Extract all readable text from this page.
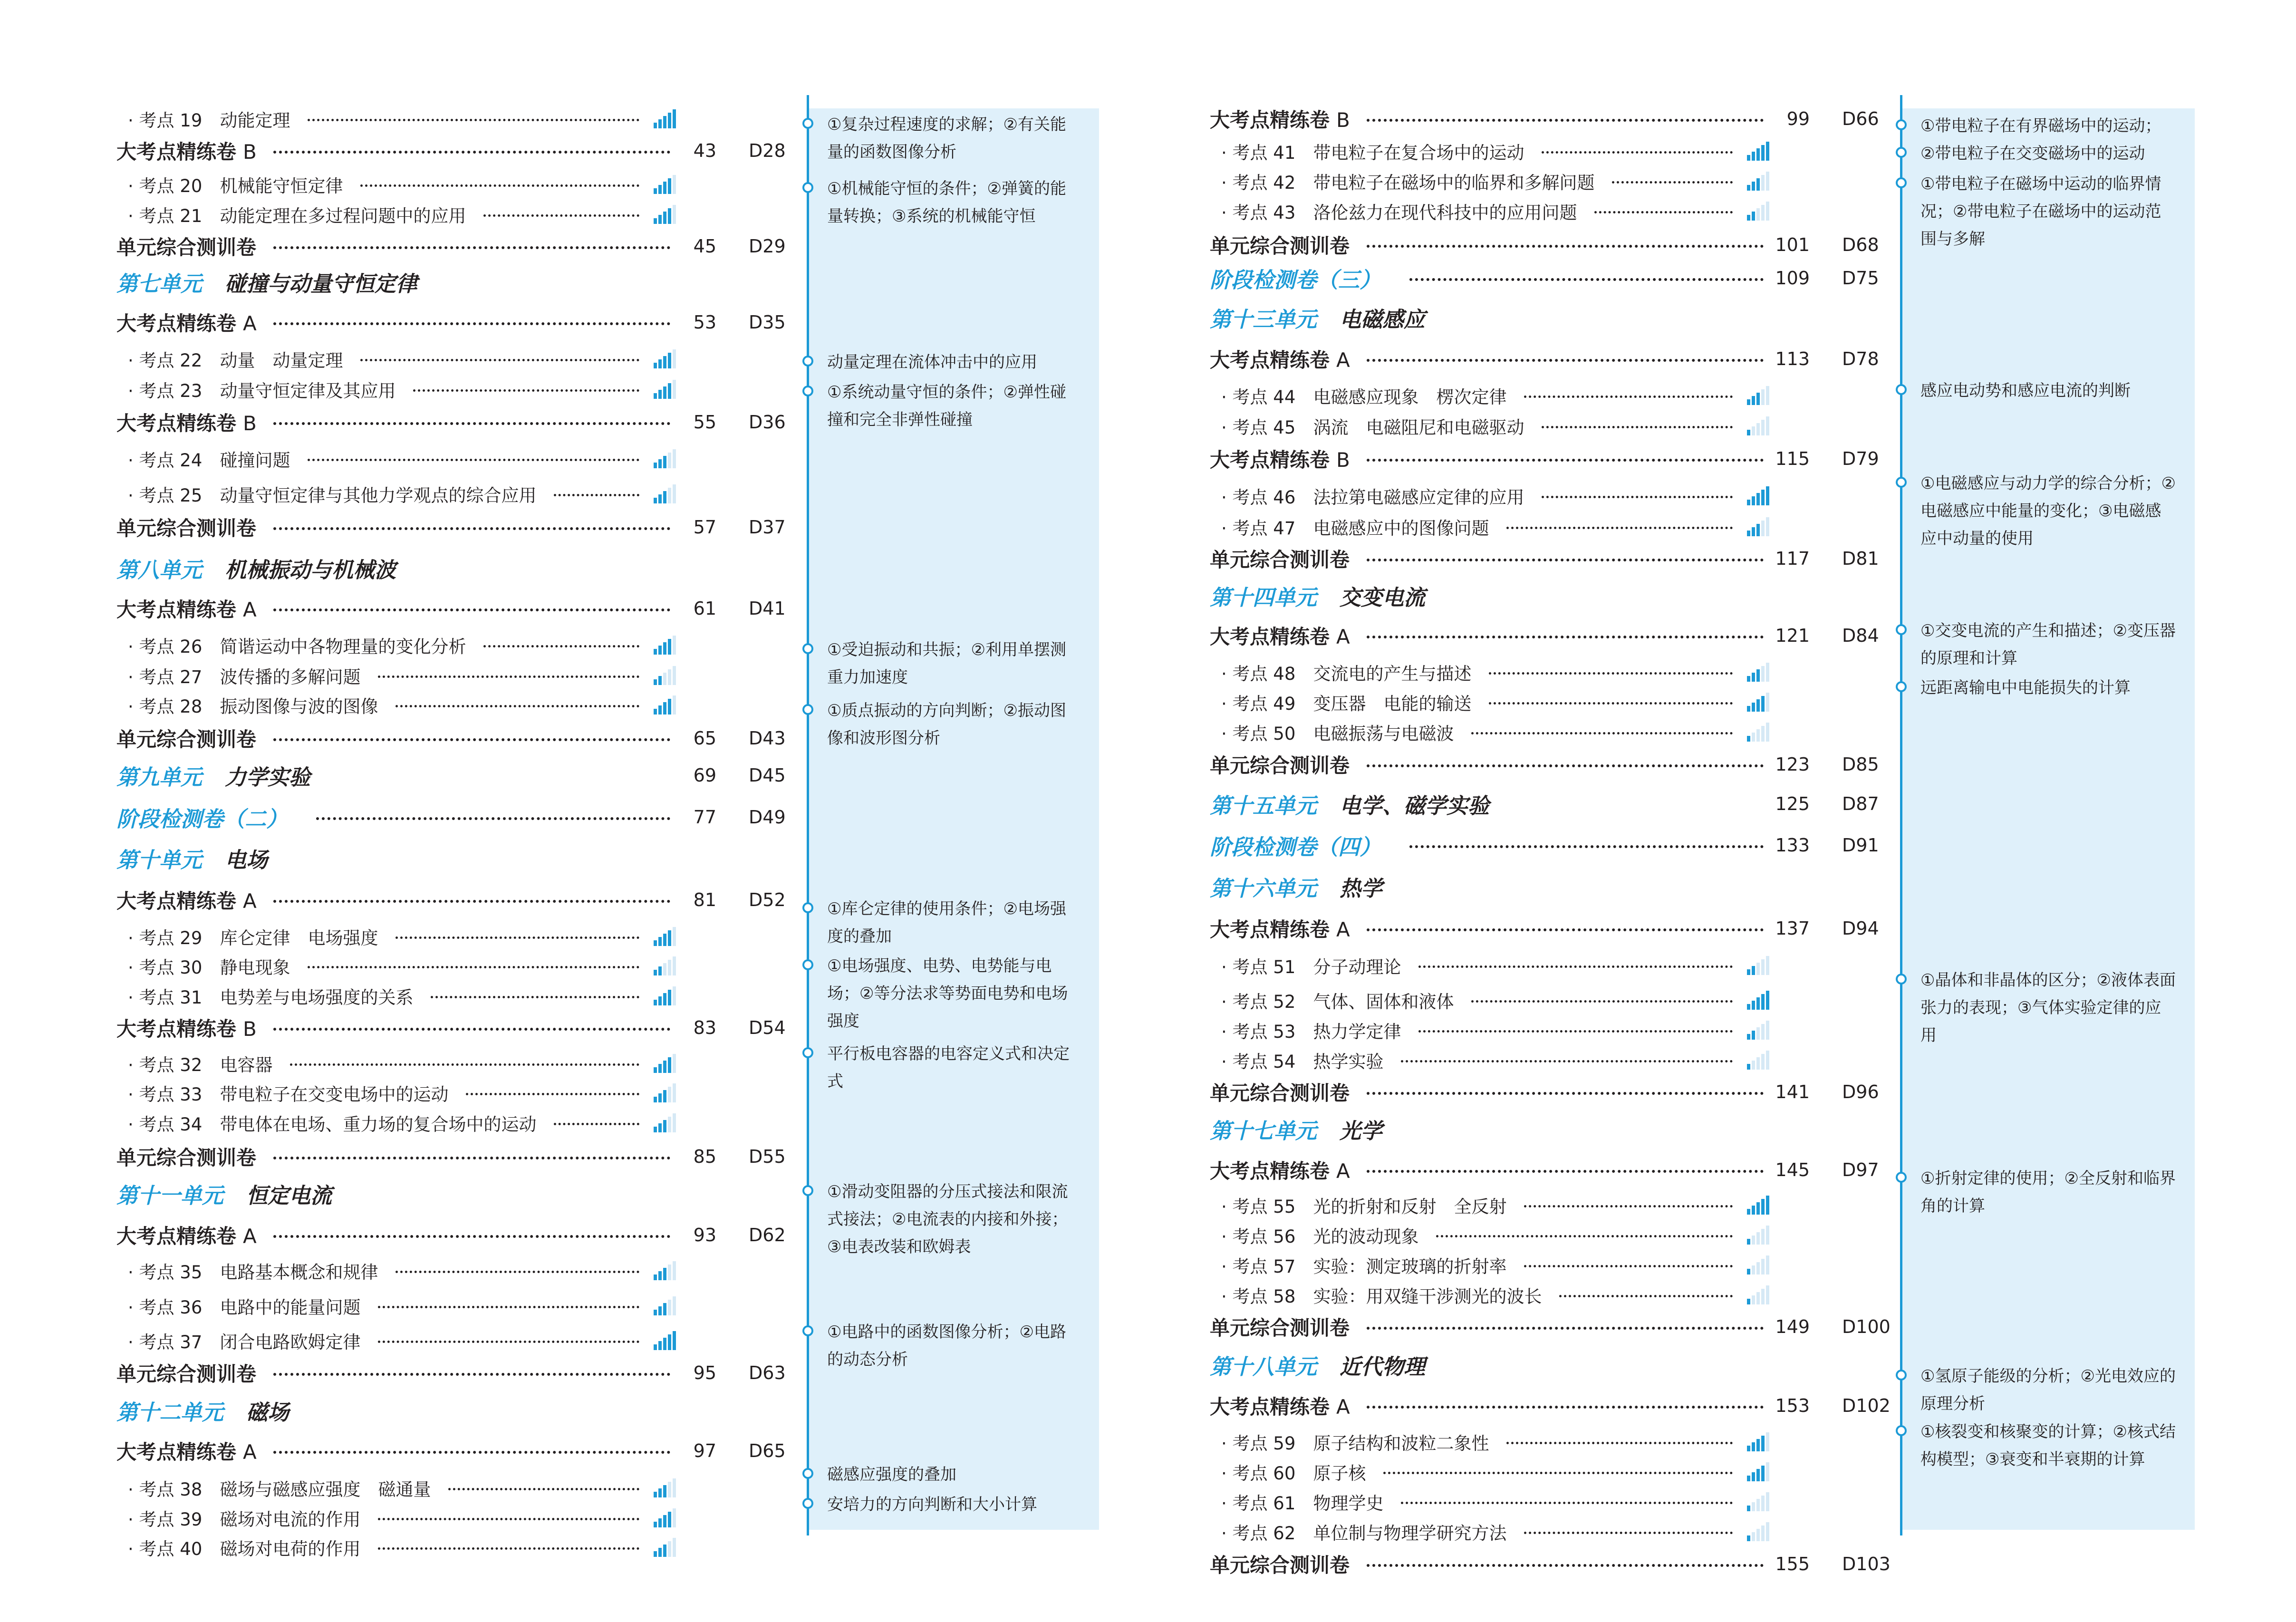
①复杂过程速度的求解；②有关能量的函数图像分析
①机械能守恒的条件；②弹簧的能量转换；③系统的机械能守恒
动量定理在流体冲击中的应用
①系统动量守恒的条件；②弹性碰撞和完全非弹性碰撞
①受迫振动和共振；②利用单摆测重力加速度
①质点振动的方向判断；②振动图像和波形图分析
①库仑定律的使用条件；②电场强度的叠加
①电场强度、电势、电势能与电场；②等分法求等势面电势和电场强度
平行板电容器的电容定义式和决定式
①滑动变阻器的分压式接法和限流式接法；②电流表的内接和外接；③电表改装和欧姆表
①电路中的函数图像分析；②电路的动态分析
磁感应强度的叠加
安培力的方向判断和大小计算
①带电粒子在有界磁场中的运动；
②带电粒子在交变磁场中的运动
①带电粒子在磁场中运动的临界情况；②带电粒子在磁场中的运动范围与多解
感应电动势和感应电流的判断
①电磁感应与动力学的综合分析；②电磁感应中能量的变化；③电磁感应中动量的使用
①交变电流的产生和描述；②变压器的原理和计算
远距离输电中电能损失的计算
①晶体和非晶体的区分；②液体表面张力的表现；③气体实验定律的应用
①折射定律的使用；②全反射和临界角的计算
①氢原子能级的分析；②光电效应的原理分析
①核裂变和核聚变的计算；②核式结构模型；③衰变和半衰期的计算
· 考点 19 动能定理
大考点精练卷 B	43 D28
· 考点 20 机械能守恒定律
· 考点 21 动能定理在多过程问题中的应用
单元综合测训卷	45 D29
第七单元 碰撞与动量守恒定律
大考点精练卷 A	53 D35
· 考点 22 动量　动量定理
· 考点 23 动量守恒定律及其应用
大考点精练卷 B	55 D36
· 考点 24 碰撞问题
· 考点 25 动量守恒定律与其他力学观点的综合应用
单元综合测训卷	57 D37
第八单元 机械振动与机械波
大考点精练卷 A	61 D41
· 考点 26 简谐运动中各物理量的变化分析
· 考点 27 波传播的多解问题
· 考点 28 振动图像与波的图像
单元综合测训卷	65 D43
第九单元 力学实验	69 D45
阶段检测卷（二）	77 D49
第十单元 电场
大考点精练卷 A	81 D52
· 考点 29 库仑定律　电场强度
· 考点 30 静电现象
· 考点 31 电势差与电场强度的关系
大考点精练卷 B	83 D54
· 考点 32 电容器
· 考点 33 带电粒子在交变电场中的运动
· 考点 34 带电体在电场、重力场的复合场中的运动
单元综合测训卷	85 D55
第十一单元 恒定电流
大考点精练卷 A	93 D62
· 考点 35 电路基本概念和规律
· 考点 36 电路中的能量问题
· 考点 37 闭合电路欧姆定律
单元综合测训卷	95 D63
第十二单元 磁场
大考点精练卷 A	97 D65
· 考点 38 磁场与磁感应强度　磁通量
· 考点 39 磁场对电流的作用
· 考点 40 磁场对电荷的作用
大考点精练卷 B	99 D66
· 考点 41 带电粒子在复合场中的运动
· 考点 42 带电粒子在磁场中的临界和多解问题
· 考点 43 洛伦兹力在现代科技中的应用问题
单元综合测训卷	101 D68
阶段检测卷（三）	109 D75
第十三单元 电磁感应
大考点精练卷 A	113 D78
· 考点 44 电磁感应现象　楞次定律
· 考点 45 涡流　电磁阻尼和电磁驱动
大考点精练卷 B	115 D79
· 考点 46 法拉第电磁感应定律的应用
· 考点 47 电磁感应中的图像问题
单元综合测训卷	117 D81
第十四单元 交变电流
大考点精练卷 A	121 D84
· 考点 48 交流电的产生与描述
· 考点 49 变压器　电能的输送
· 考点 50 电磁振荡与电磁波
单元综合测训卷	123 D85
第十五单元 电学、磁学实验	125 D87
阶段检测卷（四）	133 D91
第十六单元 热学
大考点精练卷 A	137 D94
· 考点 51 分子动理论
· 考点 52 气体、固体和液体
· 考点 53 热力学定律
· 考点 54 热学实验
单元综合测训卷	141 D96
第十七单元 光学
大考点精练卷 A	145 D97
· 考点 55 光的折射和反射　全反射
· 考点 56 光的波动现象
· 考点 57 实验：测定玻璃的折射率
· 考点 58 实验：用双缝干涉测光的波长
单元综合测训卷	149 D100
第十八单元 近代物理
大考点精练卷 A	153 D102
· 考点 59 原子结构和波粒二象性
· 考点 60 原子核
· 考点 61 物理学史
· 考点 62 单位制与物理学研究方法
单元综合测训卷	155 D103
